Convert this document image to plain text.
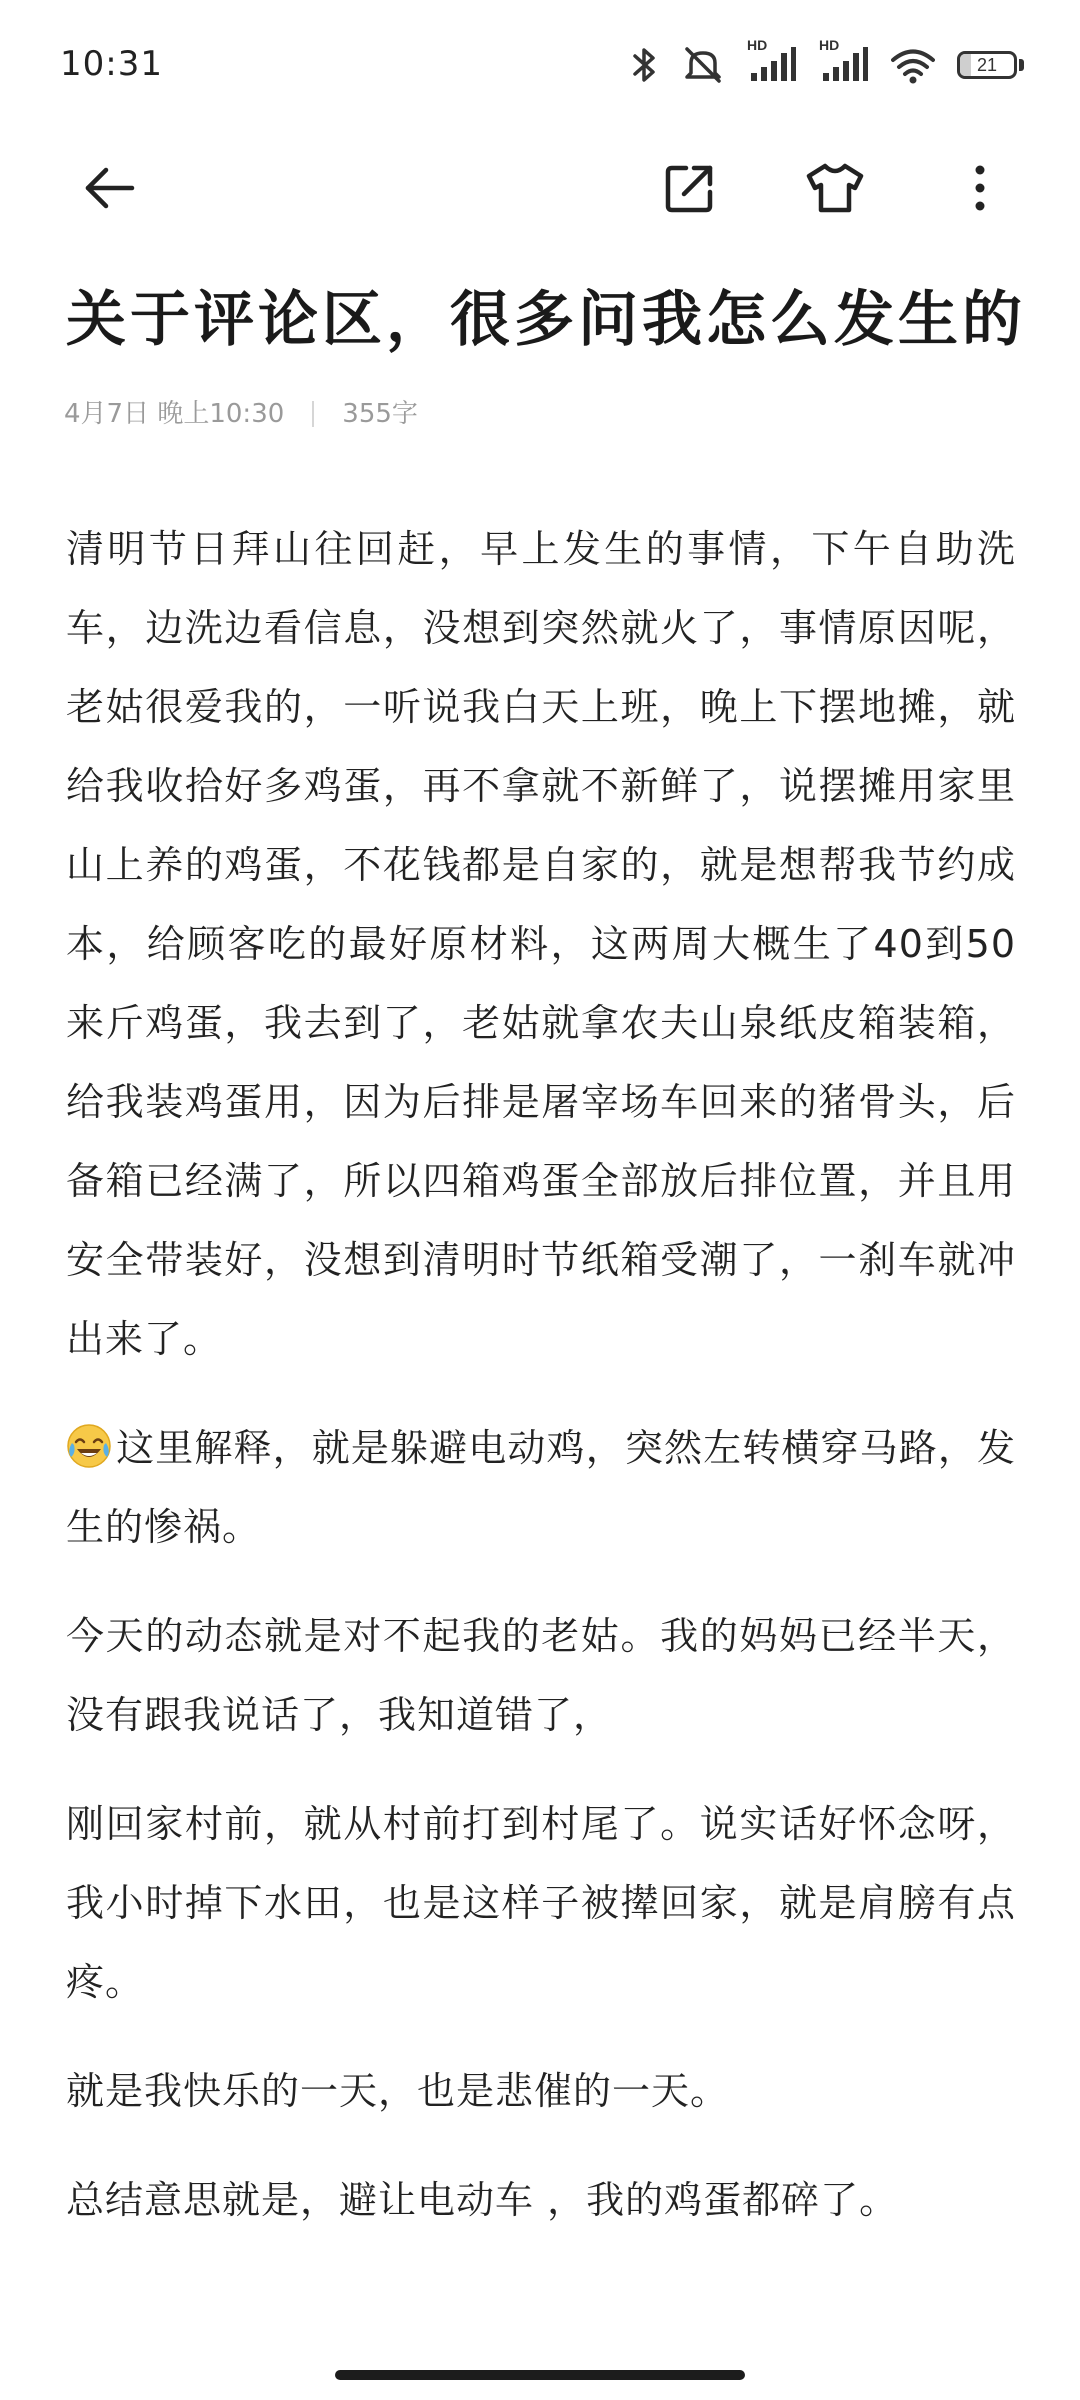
10:31	HD	HD
21
关于评论区，很多问我怎么发生的
4月7日 晚上10:30 355字

清明节日拜山往回赶，早上发生的事情，下午自助洗车，边洗边看信息，没想到突然就火了，事情原因呢，老姑很爱我的，一听说我白天上班，晚上下摆地摊，就给我收拾好多鸡蛋，再不拿就不新鲜了，说摆摊用家里山上养的鸡蛋，不花钱都是自家的，就是想帮我节约成本，给顾客吃的最好原材料，这两周大概生了40到50来斤鸡蛋，我去到了，老姑就拿农夫山泉纸皮箱装箱，给我装鸡蛋用，因为后排是屠宰场车回来的猪骨头，后备箱已经满了，所以四箱鸡蛋全部放后排位置，并且用安全带装好，没想到清明时节纸箱受潮了，一刹车就冲出来了。

这里解释，就是躲避电动鸡，突然左转横穿马路，发生的惨祸。

今天的动态就是对不起我的老姑。我的妈妈已经半天，没有跟我说话了，我知道错了，

刚回家村前，就从村前打到村尾了。说实话好怀念呀，我小时掉下水田，也是这样子被撵回家，就是肩膀有点疼。

就是我快乐的一天，也是悲催的一天。

总结意思就是，避让电动车 ，我的鸡蛋都碎了。
